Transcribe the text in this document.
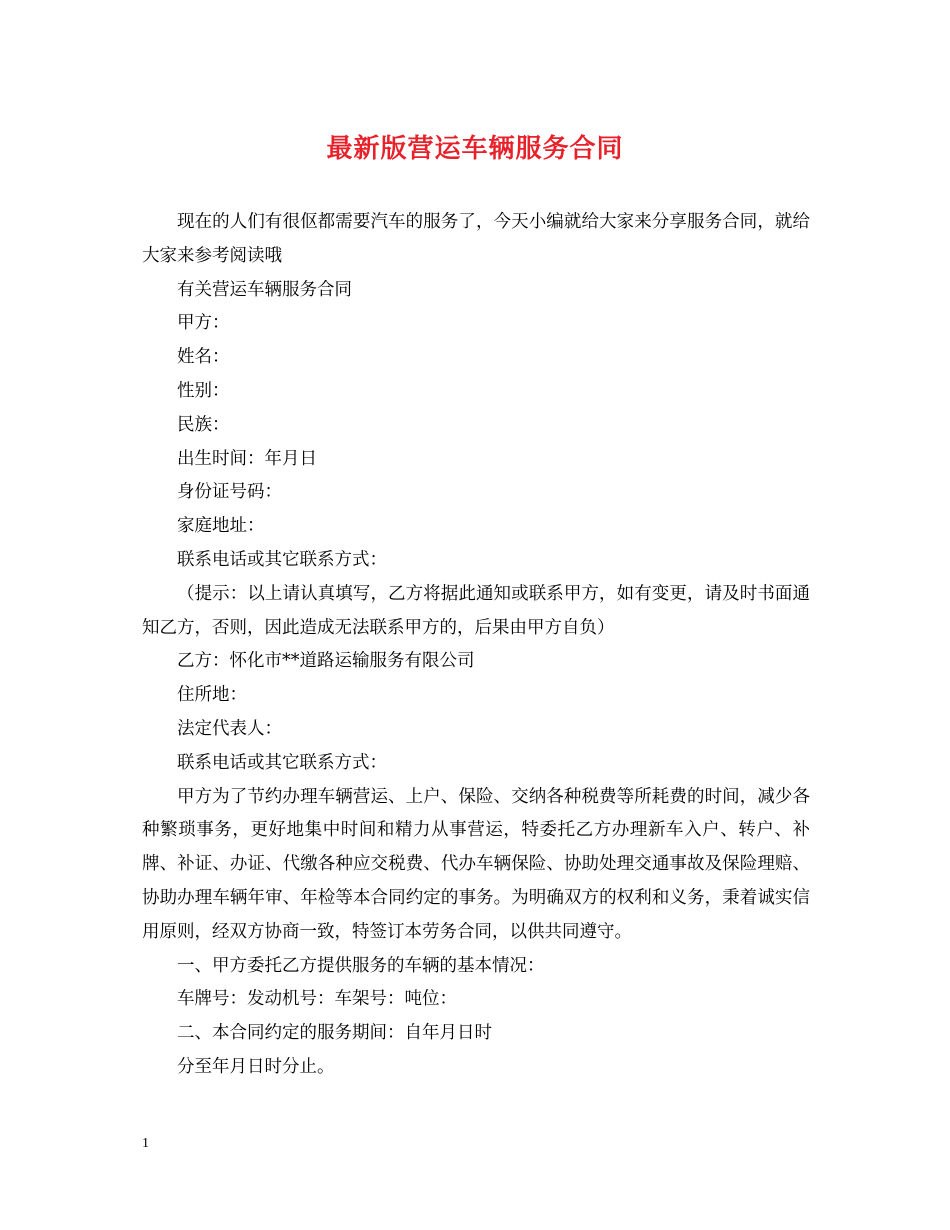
最新版营运车辆服务合同

现在的人们有很伛都需要汽车的服务了，今天小编就给大家来分享服务合同，就给大家来参考阅读哦

有关营运车辆服务合同

甲方：

姓名：

性别：

民族：

出生时间：年月日

身份证号码：

家庭地址：

联系电话或其它联系方式：

（提示：以上请认真填写，乙方将据此通知或联系甲方，如有变更，请及时书面通知乙方，否则，因此造成无法联系甲方的，后果由甲方自负）

乙方：怀化市**道路运输服务有限公司

住所地：

法定代表人：

联系电话或其它联系方式：

甲方为了节约办理车辆营运、上户、保险、交纳各种税费等所耗费的时间，减少各种繁琐事务，更好地集中时间和精力从事营运，特委托乙方办理新车入户、转户、补牌、补证、办证、代缴各种应交税费、代办车辆保险、协助处理交通事故及保险理赔、协助办理车辆年审、年检等本合同约定的事务。为明确双方的权利和义务，秉着诚实信用原则，经双方协商一致，特签订本劳务合同，以供共同遵守。

一、甲方委托乙方提供服务的车辆的基本情况：

车牌号：发动机号：车架号：吨位：

二、本合同约定的服务期间：自年月日时

分至年月日时分止。

1
